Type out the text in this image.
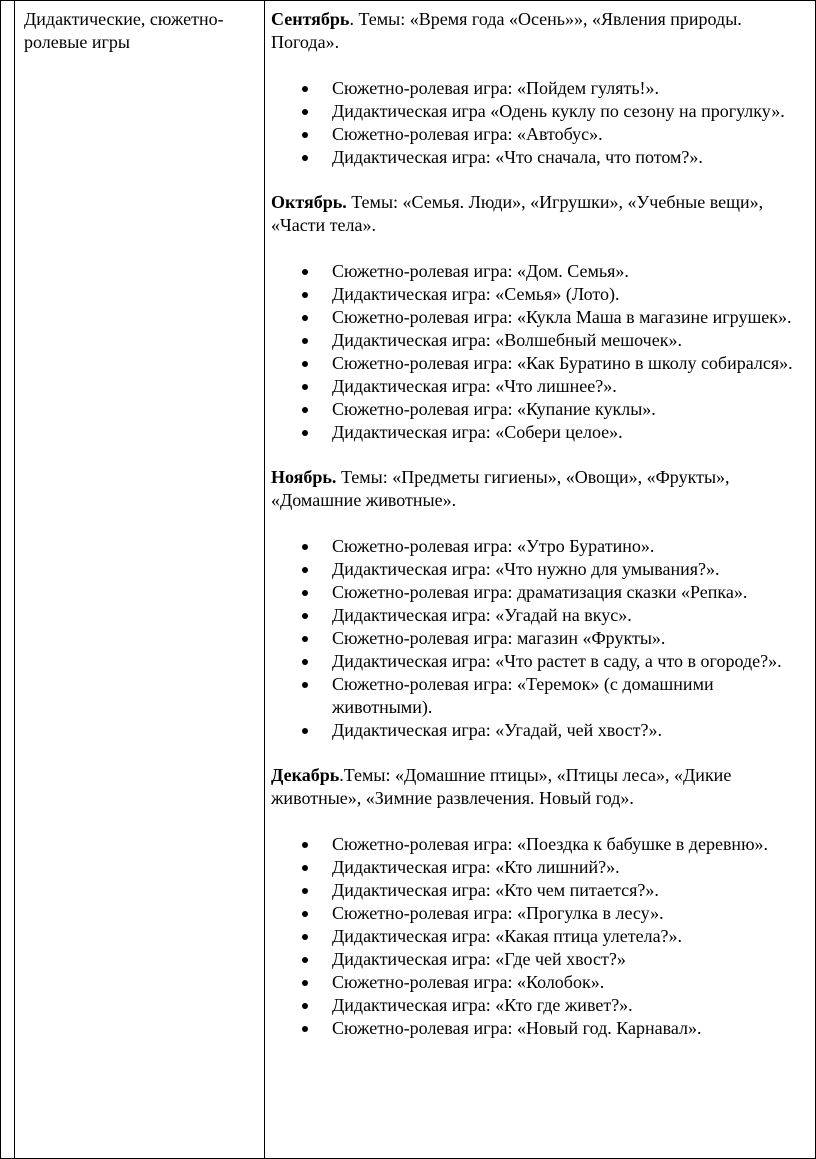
Дидактические, сюжетно-ролевые игры
Сентябрь. Темы: «Время года «Осень»», «Явления природы. Погода».
Сюжетно-ролевая игра: «Пойдем гулять!».
Дидактическая игра «Одень куклу по сезону на прогулку».
Сюжетно-ролевая игра: «Автобус».
Дидактическая игра: «Что сначала, что потом?».
Октябрь. Темы: «Семья. Люди», «Игрушки», «Учебные вещи», «Части тела».
Сюжетно-ролевая игра: «Дом. Семья».
Дидактическая игра: «Семья» (Лото).
Сюжетно-ролевая игра: «Кукла Маша в магазине игрушек».
Дидактическая игра: «Волшебный мешочек».
Сюжетно-ролевая игра: «Как Буратино в школу собирался».
Дидактическая игра: «Что лишнее?».
Сюжетно-ролевая игра: «Купание куклы».
Дидактическая игра: «Собери целое».
Ноябрь. Темы: «Предметы гигиены», «Овощи», «Фрукты», «Домашние животные».
Сюжетно-ролевая игра: «Утро Буратино».
Дидактическая игра: «Что нужно для умывания?».
Сюжетно-ролевая игра: драматизация сказки «Репка».
Дидактическая игра: «Угадай на вкус».
Сюжетно-ролевая игра: магазин «Фрукты».
Дидактическая игра: «Что растет в саду, а что в огороде?».
Сюжетно-ролевая игра: «Теремок» (с домашними животными).
Дидактическая игра: «Угадай, чей хвост?».
Декабрь.Темы: «Домашние птицы», «Птицы леса», «Дикие животные», «Зимние развлечения. Новый год».
Сюжетно-ролевая игра: «Поездка к бабушке в деревню».
Дидактическая игра: «Кто лишний?».
Дидактическая игра: «Кто чем питается?».
Сюжетно-ролевая игра: «Прогулка в лесу».
Дидактическая игра: «Какая птица улетела?».
Дидактическая игра: «Где чей хвост?»
Сюжетно-ролевая игра: «Колобок».
Дидактическая игра: «Кто где живет?».
Сюжетно-ролевая игра: «Новый год. Карнавал».
